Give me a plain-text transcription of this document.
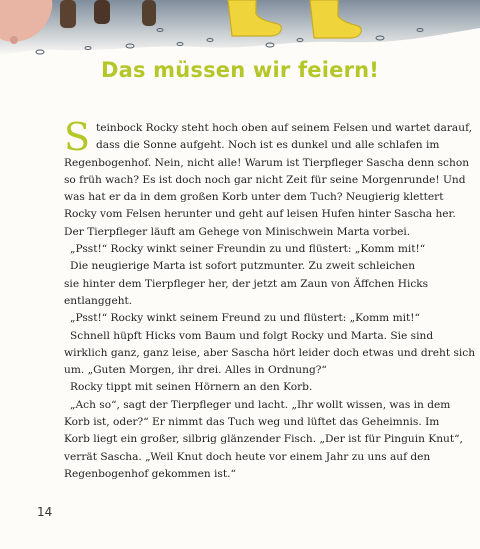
Das müssen wir feiern!
S teinbock Rocky steht hoch oben auf seinem Felsen und wartet darauf,
dass die Sonne aufgeht. Noch ist es dunkel und alle schlafen im
Regenbogenhof. Nein, nicht alle! Warum ist Tierpfleger Sascha denn schon
so früh wach? Es ist doch noch gar nicht Zeit für seine Morgenrunde! Und
was hat er da in dem großen Korb unter dem Tuch? Neugierig klettert
Rocky vom Felsen herunter und geht auf leisen Hufen hinter Sascha her.
Der Tierpfleger läuft am Gehege von Minischwein Marta vorbei.
„Psst!“ Rocky winkt seiner Freundin zu und flüstert: „Komm mit!“
Die neugierige Marta ist sofort putzmunter. Zu zweit schleichen
sie hinter dem Tierpfleger her, der jetzt am Zaun von Äffchen Hicks
entlanggeht.
„Psst!“ Rocky winkt seinem Freund zu und flüstert: „Komm mit!“
Schnell hüpft Hicks vom Baum und folgt Rocky und Marta. Sie sind
wirklich ganz, ganz leise, aber Sascha hört leider doch etwas und dreht sich
um. „Guten Morgen, ihr drei. Alles in Ordnung?“
Rocky tippt mit seinen Hörnern an den Korb.
„Ach so“, sagt der Tierpfleger und lacht. „Ihr wollt wissen, was in dem
Korb ist, oder?“ Er nimmt das Tuch weg und lüftet das Geheimnis. Im
Korb liegt ein großer, silbrig glänzender Fisch. „Der ist für Pinguin Knut“,
verrät Sascha. „Weil Knut doch heute vor einem Jahr zu uns auf den
Regenbogenhof gekommen ist.“
14
